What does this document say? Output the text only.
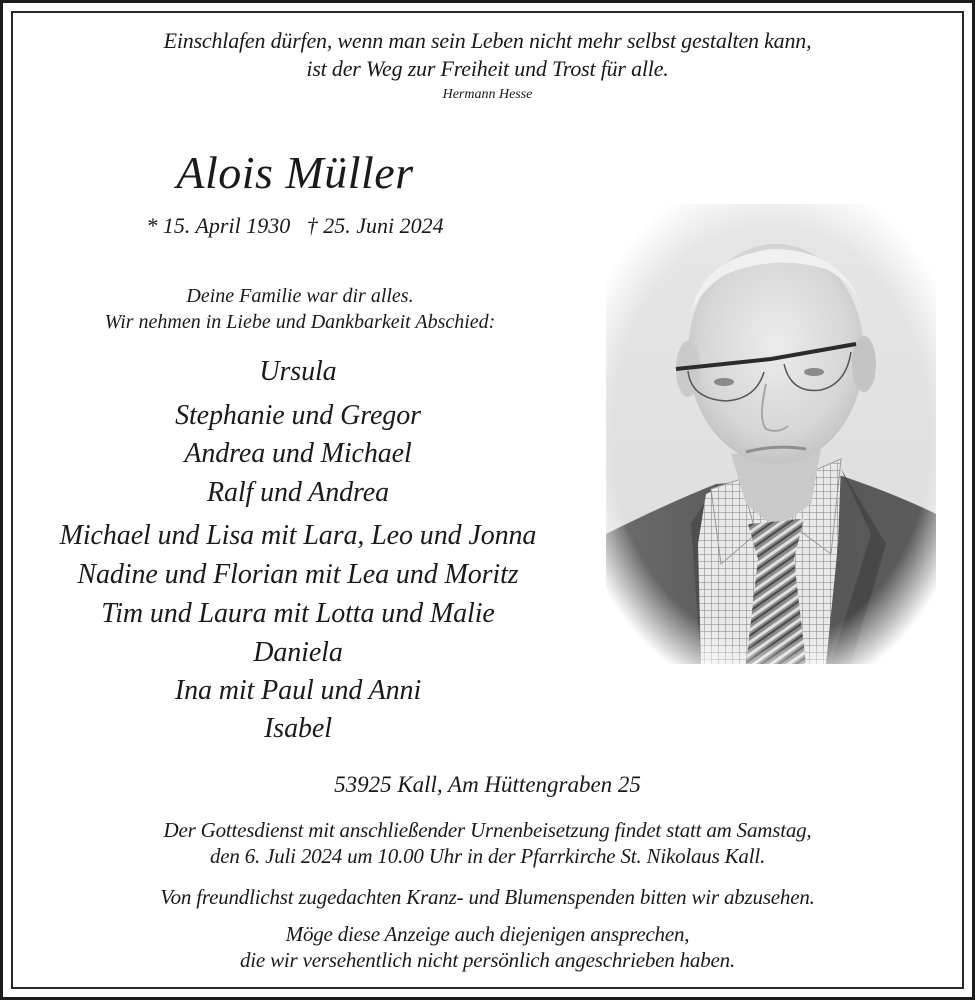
Einschlafen dürfen, wenn man sein Leben nicht mehr selbst gestalten kann,
ist der Weg zur Freiheit und Trost für alle.
Hermann Hesse
Alois Müller
* 15. April 1930   † 25. Juni 2024
Deine Familie war dir alles.
Wir nehmen in Liebe und Dankbarkeit Abschied:
Ursula
Stephanie und Gregor
Andrea und Michael
Ralf und Andrea
Michael und Lisa mit Lara, Leo und Jonna
Nadine und Florian mit Lea und Moritz
Tim und Laura mit Lotta und Malie
Daniela
Ina mit Paul und Anni
Isabel
53925 Kall, Am Hüttengraben 25
Der Gottesdienst mit anschließender Urnenbeisetzung findet statt am Samstag,
den 6. Juli 2024 um 10.00 Uhr in der Pfarrkirche St. Nikolaus Kall.
Von freundlichst zugedachten Kranz- und Blumenspenden bitten wir abzusehen.
Möge diese Anzeige auch diejenigen ansprechen,
die wir versehentlich nicht persönlich angeschrieben haben.
